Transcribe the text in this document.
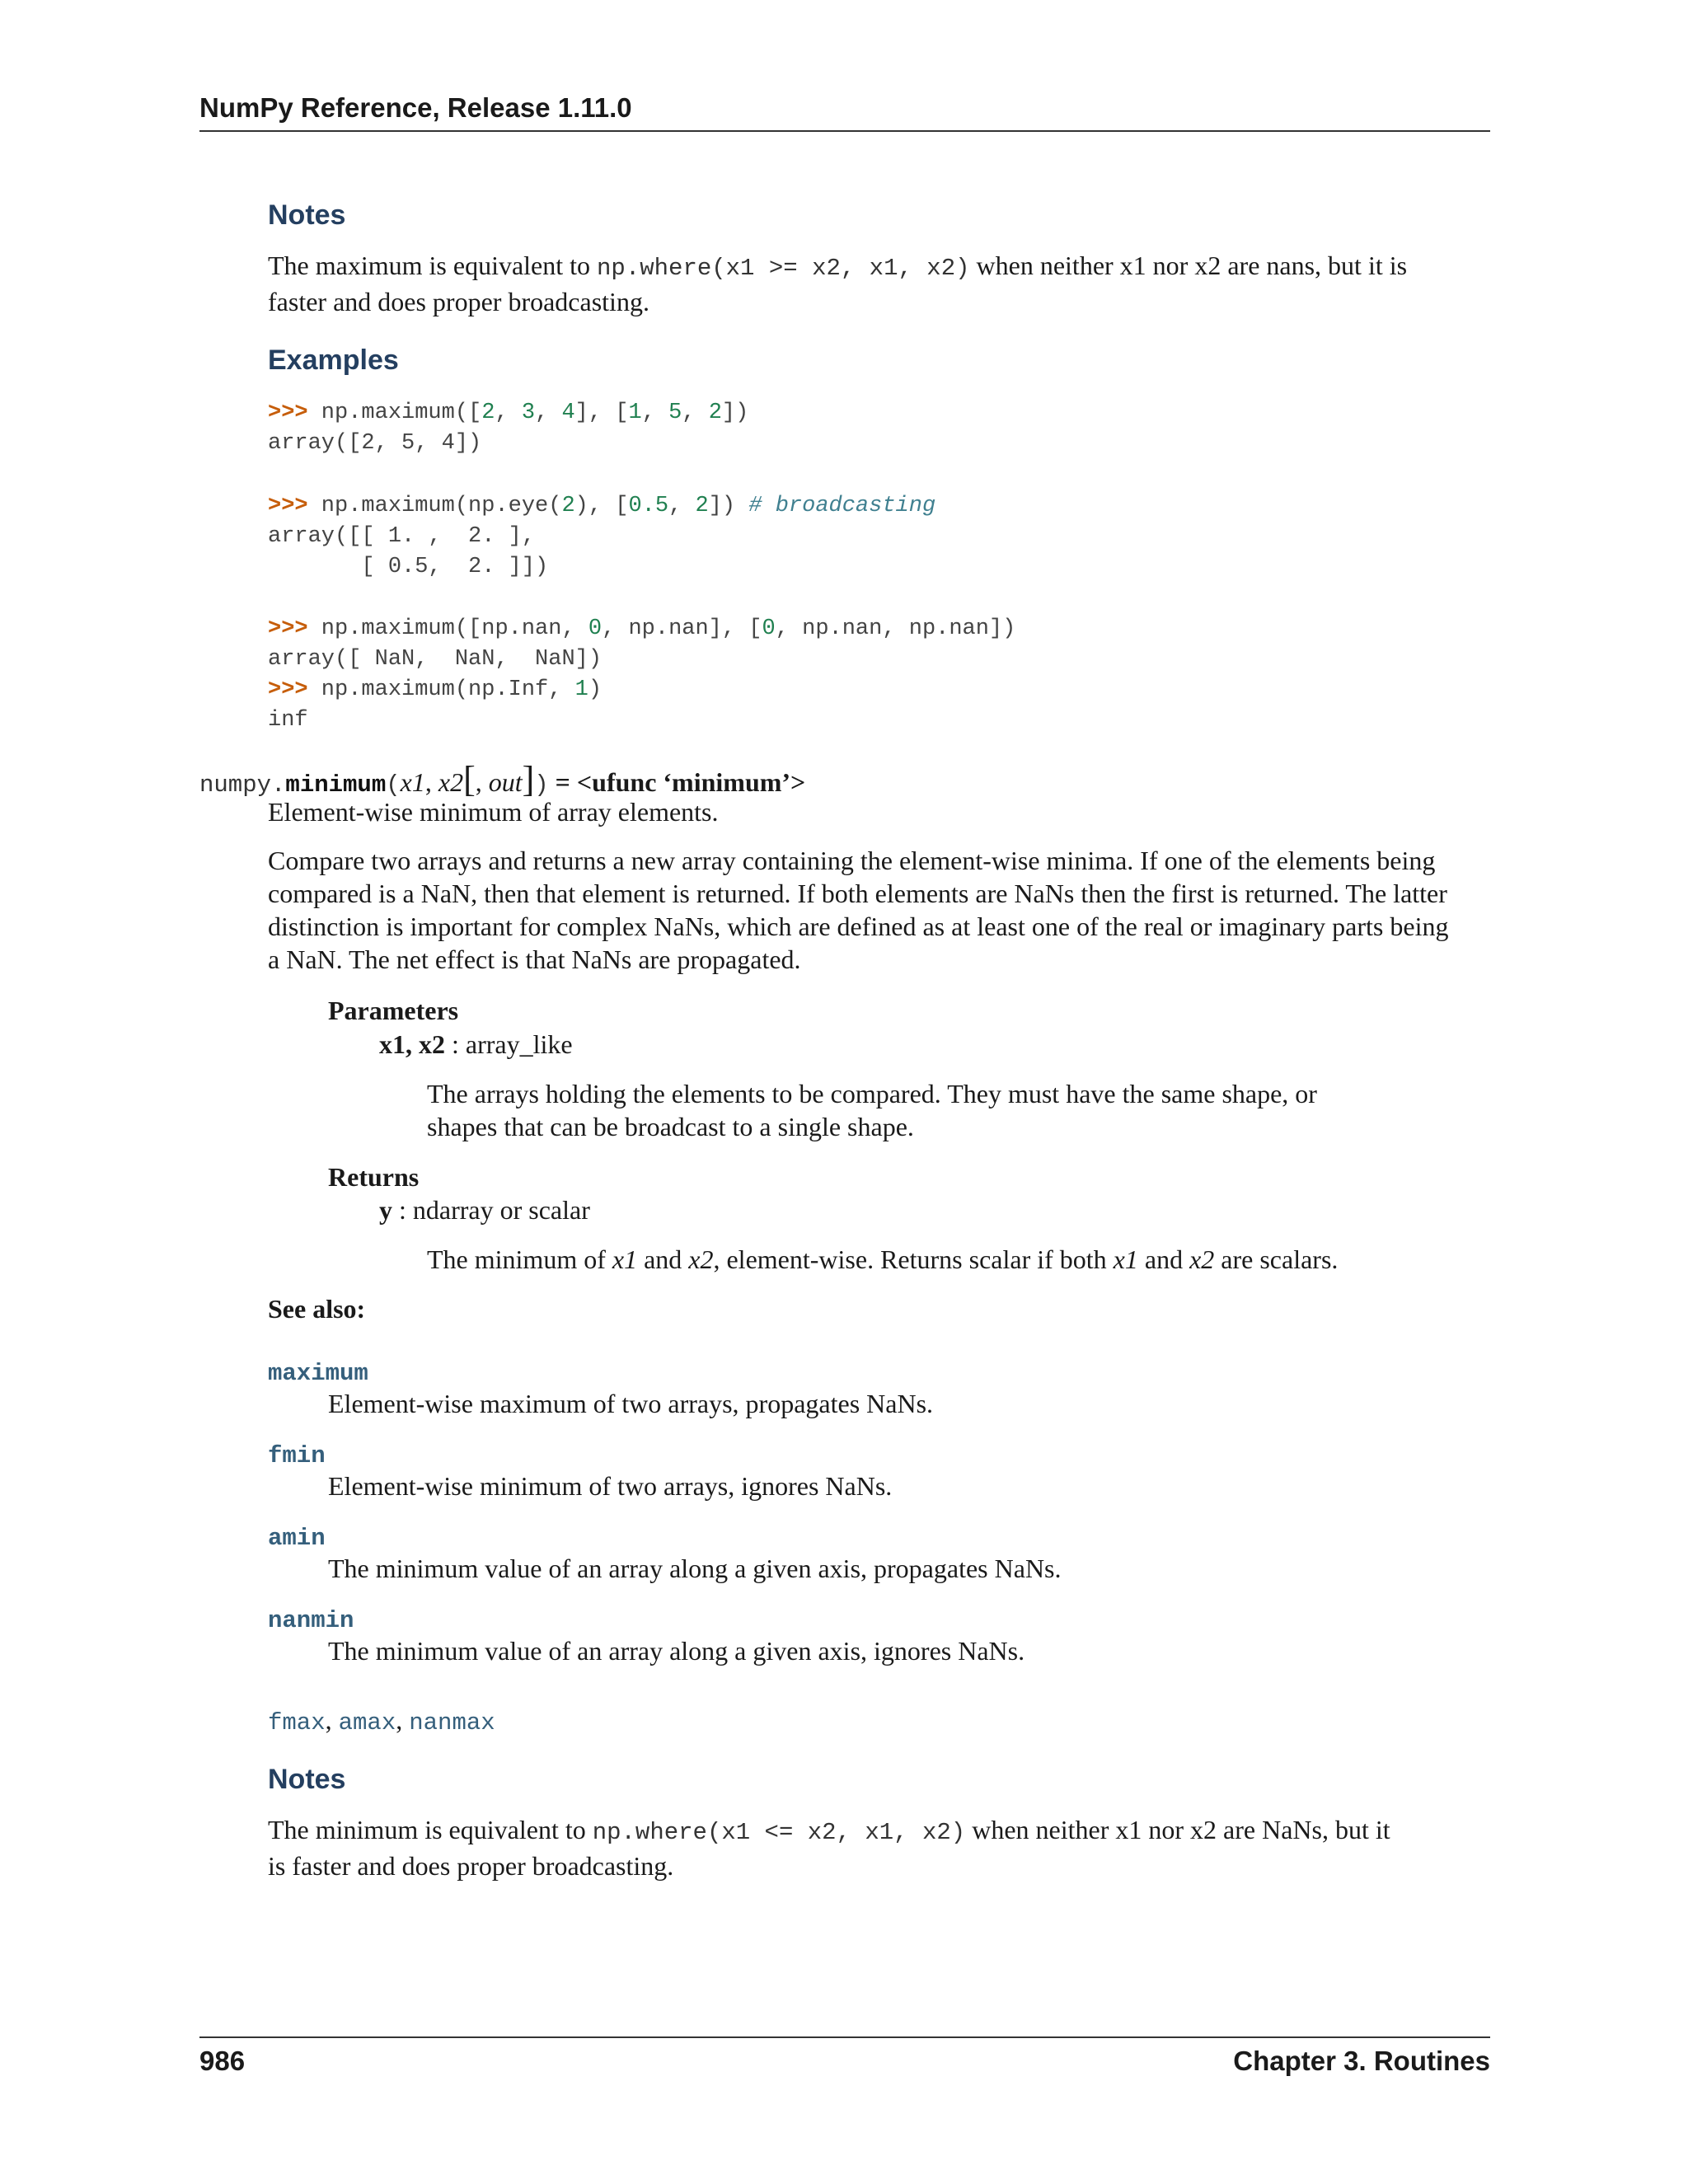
NumPy Reference, Release 1.11.0
Notes
The maximum is equivalent to np.where(x1 >= x2, x1, x2) when neither x1 nor x2 are nans, but it is
faster and does proper broadcasting.
Examples
>>> np.maximum([2, 3, 4], [1, 5, 2])
array([2, 5, 4])
>>> np.maximum(np.eye(2), [0.5, 2]) # broadcasting
array([[ 1. ,  2. ],
[ 0.5,  2. ]])
>>> np.maximum([np.nan, 0, np.nan], [0, np.nan, np.nan])
array([ NaN,  NaN,  NaN])
>>> np.maximum(np.Inf, 1)
inf
numpy.minimum(x1, x2[, out]) = <ufunc ‘minimum’>
Element-wise minimum of array elements.
Compare two arrays and returns a new array containing the element-wise minima. If one of the elements being
compared is a NaN, then that element is returned. If both elements are NaNs then the first is returned. The latter
distinction is important for complex NaNs, which are defined as at least one of the real or imaginary parts being
a NaN. The net effect is that NaNs are propagated.
Parameters
x1, x2 : array_like
The arrays holding the elements to be compared. They must have the same shape, or
shapes that can be broadcast to a single shape.
Returns
y : ndarray or scalar
The minimum of x1 and x2, element-wise. Returns scalar if both x1 and x2 are scalars.
See also:
maximum
Element-wise maximum of two arrays, propagates NaNs.
fmin
Element-wise minimum of two arrays, ignores NaNs.
amin
The minimum value of an array along a given axis, propagates NaNs.
nanmin
The minimum value of an array along a given axis, ignores NaNs.
fmax, amax, nanmax
Notes
The minimum is equivalent to np.where(x1 <= x2, x1, x2) when neither x1 nor x2 are NaNs, but it
is faster and does proper broadcasting.
986	Chapter 3. Routines
